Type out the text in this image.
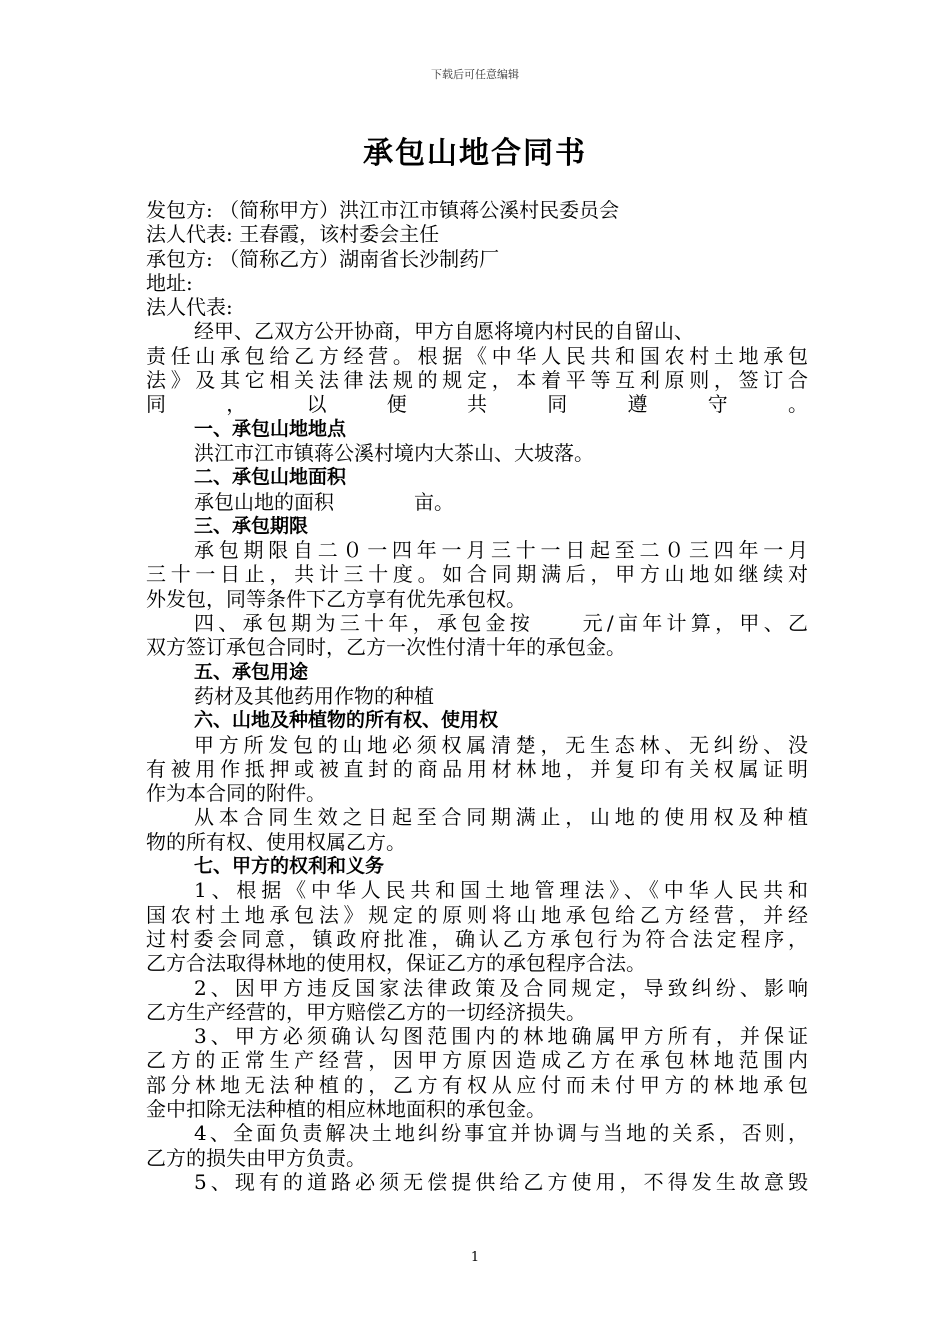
下载后可任意编辑
承包山地合同书
发包方: （简称甲方）洪江市江市镇蒋公溪村民委员会
法人代表: 王春霞，该村委会主任
承包方: （简称乙方）湖南省长沙制药厂
地址:
法人代表:
经甲、乙双方公开协商，甲方自愿将境内村民的自留山、
责任山承包给乙方经营。根据《中华人民共和国农村土地承包
法》及其它相关法律法规的规定，本着平等互利原则，签订合
同，以便共同遵守。
一、承包山地地点
洪江市江市镇蒋公溪村境内大茶山、大坡落。
二、承包山地面积
承包山地的面积　　　　亩。
三、承包期限
承包期限自二０一四年一月三十一日起至二０三四年一月
三十一日止，共计三十度。如合同期满后，甲方山地如继续对
外发包，同等条件下乙方享有优先承包权。
四、承包期为三十年，承包金按　　元/亩年计算，甲、乙
双方签订承包合同时，乙方一次性付清十年的承包金。
五、承包用途
药材及其他药用作物的种植
六、山地及种植物的所有权、使用权
甲方所发包的山地必须权属清楚，无生态林、无纠纷、没
有被用作抵押或被直封的商品用材林地，并复印有关权属证明
作为本合同的附件。
从本合同生效之日起至合同期满止，山地的使用权及种植
物的所有权、使用权属乙方。
七、甲方的权利和义务
1、根据《中华人民共和国土地管理法》、《中华人民共和
国农村土地承包法》规定的原则将山地承包给乙方经营，并经
过村委会同意，镇政府批准，确认乙方承包行为符合法定程序，
乙方合法取得林地的使用权，保证乙方的承包程序合法。
2、因甲方违反国家法律政策及合同规定，导致纠纷、影响
乙方生产经营的，甲方赔偿乙方的一切经济损失。
3、甲方必须确认勾图范围内的林地确属甲方所有，并保证
乙方的正常生产经营，因甲方原因造成乙方在承包林地范围内
部分林地无法种植的，乙方有权从应付而未付甲方的林地承包
金中扣除无法种植的相应林地面积的承包金。
4、全面负责解决土地纠纷事宜并协调与当地的关系，否则，
乙方的损失由甲方负责。
5、现有的道路必须无偿提供给乙方使用，不得发生故意毁
1
